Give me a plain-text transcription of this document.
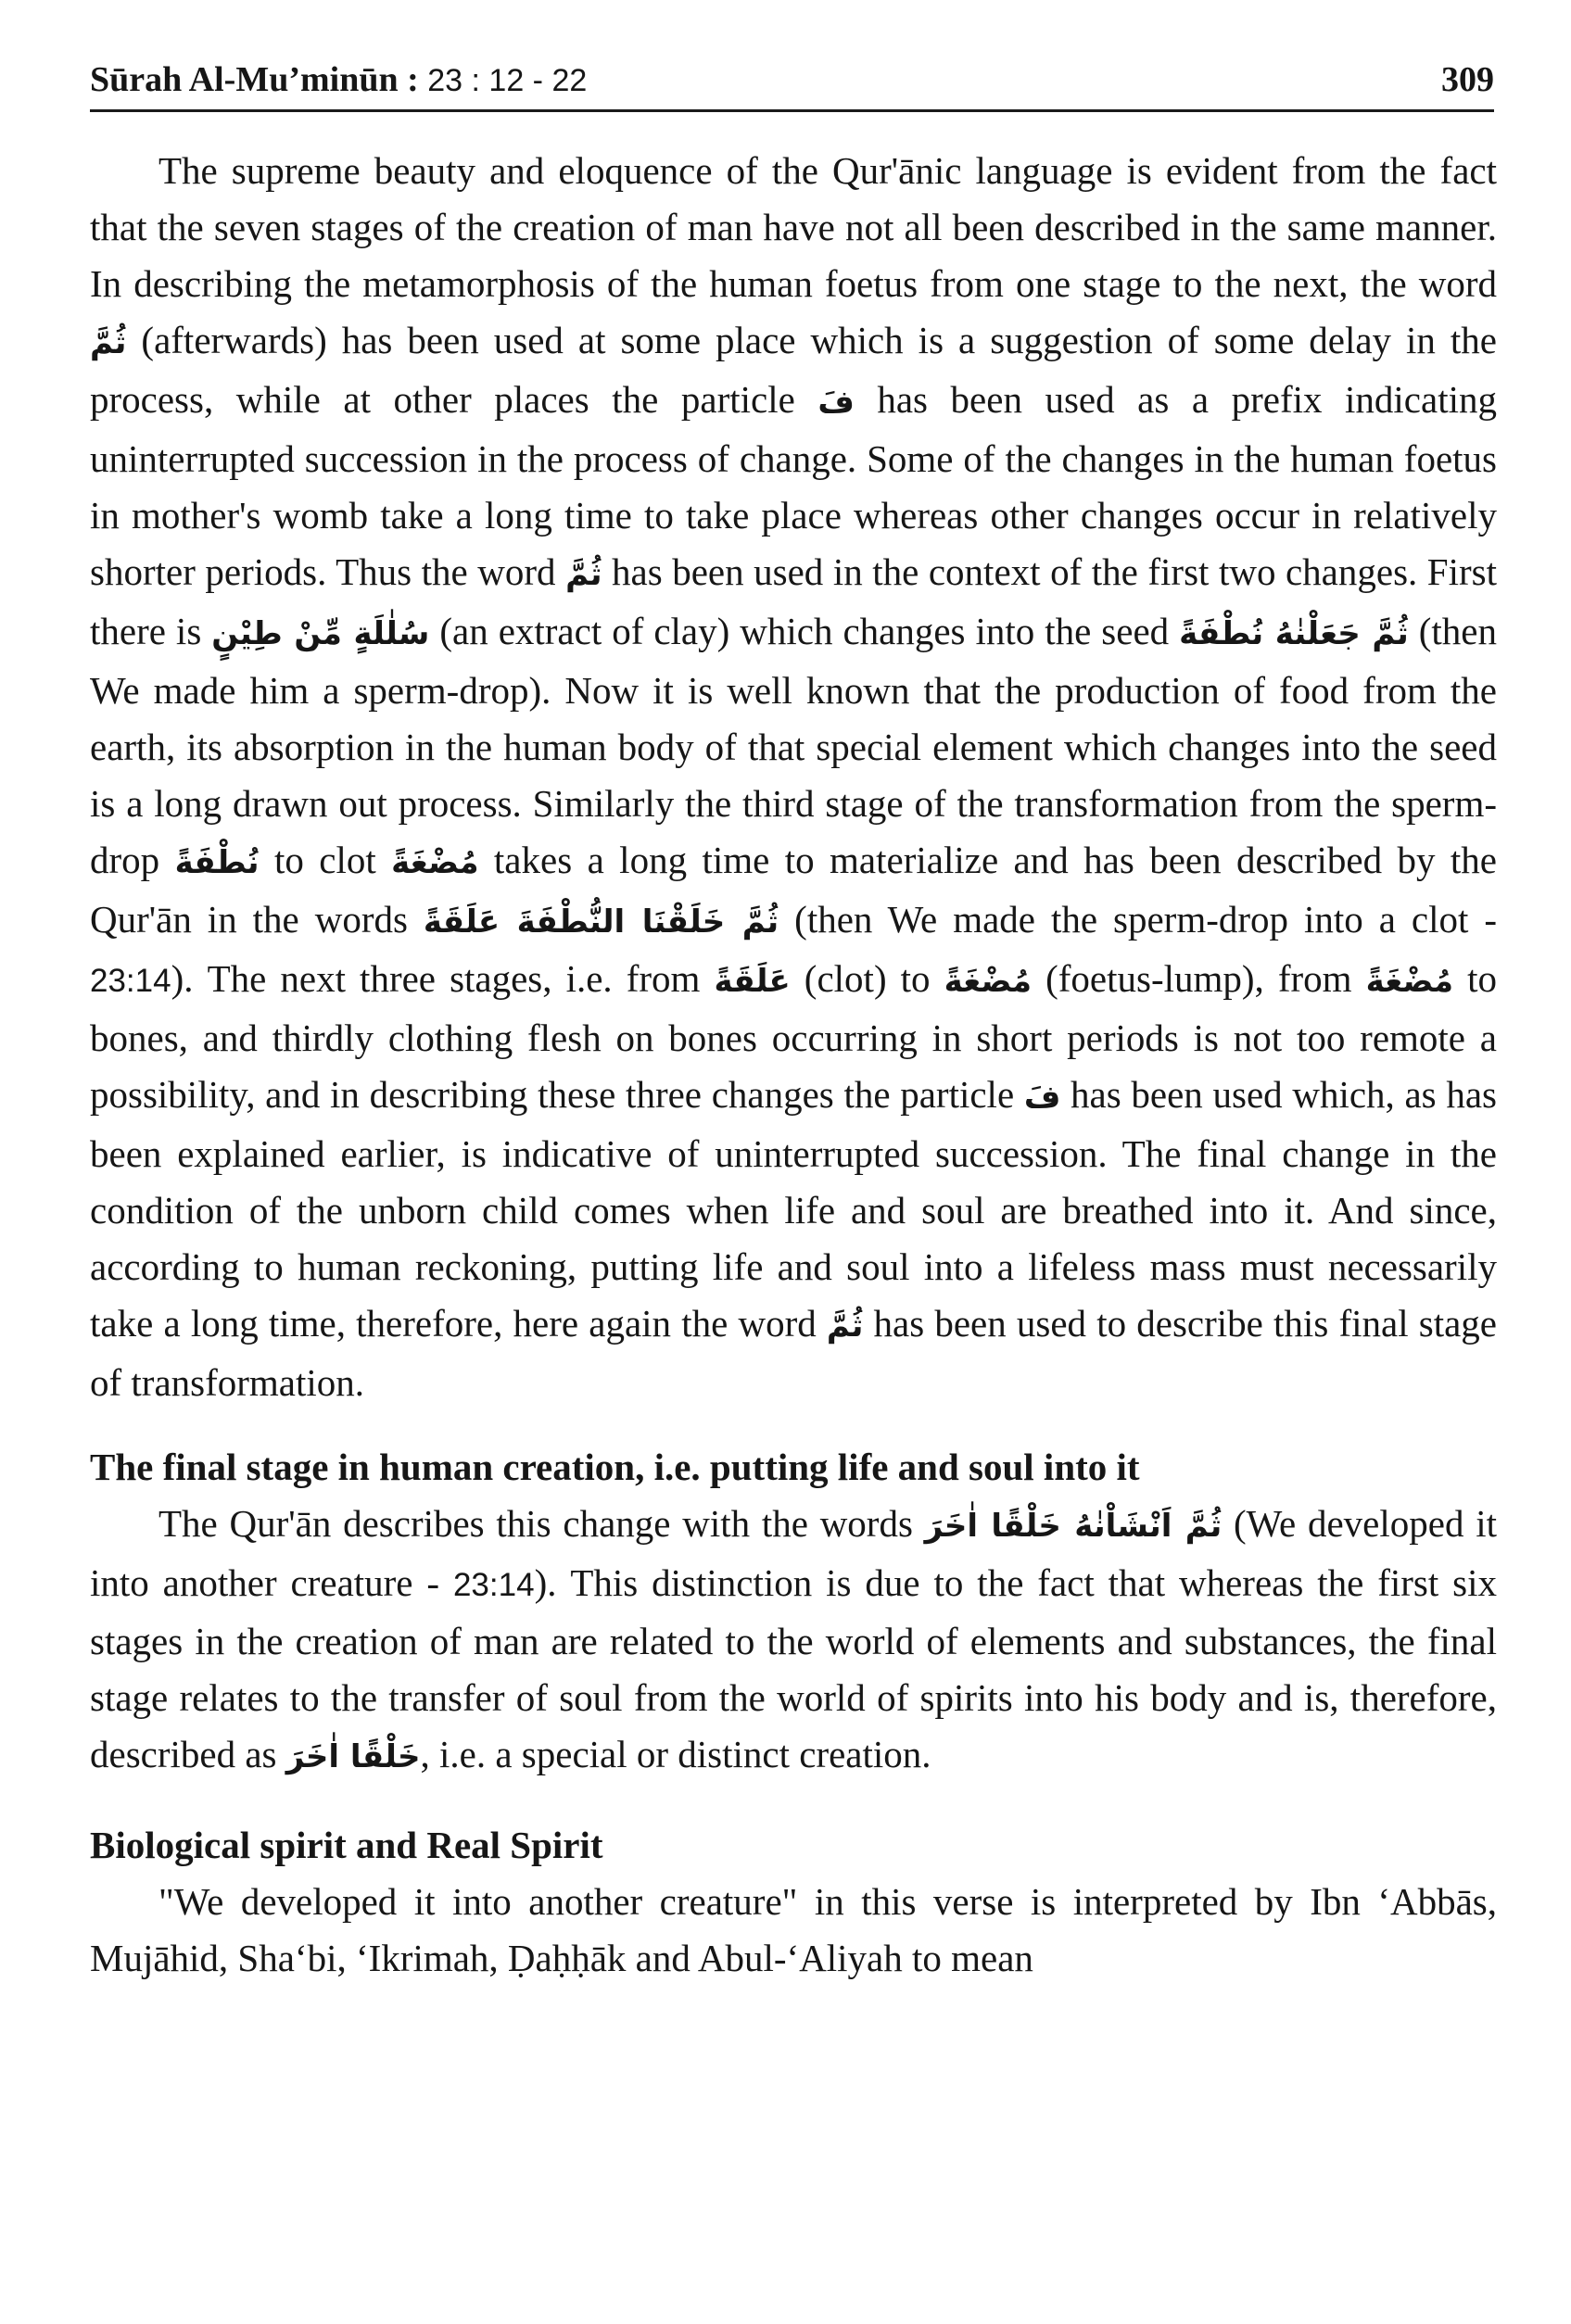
Sūrah Al-Mu’minūn : 23 : 12 - 22	309

The supreme beauty and eloquence of the Qur'ānic language is evident from the fact that the seven stages of the creation of man have not all been described in the same manner. In describing the metamorphosis of the human foetus from one stage to the next, the word ثُمَّ (afterwards) has been used at some place which is a suggestion of some delay in the process, while at other places the particle فَ has been used as a prefix indicating uninterrupted succession in the process of change. Some of the changes in the human foetus in mother's womb take a long time to take place whereas other changes occur in relatively shorter periods. Thus the word ثُمَّ has been used in the context of the first two changes. First there is سُلٰلَةٍ مِّنْ طِيْنٍ (an extract of clay) which changes into the seed ثُمَّ جَعَلْنٰهُ نُطْفَةً (then We made him a sperm-drop). Now it is well known that the production of food from the earth, its absorption in the human body of that special element which changes into the seed is a long drawn out process. Similarly the third stage of the transformation from the sperm-drop نُطْفَةً to clot مُضْغَةً takes a long time to materialize and has been described by the Qur'ān in the words ثُمَّ خَلَقْنَا النُّطْفَةَ عَلَقَةً (then We made the sperm-drop into a clot - 23:14). The next three stages, i.e. from عَلَقَةً (clot) to مُضْغَةً (foetus-lump), from مُضْغَةً to bones, and thirdly clothing flesh on bones occurring in short periods is not too remote a possibility, and in describing these three changes the particle فَ has been used which, as has been explained earlier, is indicative of uninterrupted succession. The final change in the condition of the unborn child comes when life and soul are breathed into it. And since, according to human reckoning, putting life and soul into a lifeless mass must necessarily take a long time, therefore, here again the word ثُمَّ has been used to describe this final stage of transformation.

The final stage in human creation, i.e. putting life and soul into it

The Qur'ān describes this change with the words ثُمَّ اَنْشَاْنٰهُ خَلْقًا اٰخَرَ (We developed it into another creature - 23:14). This distinction is due to the fact that whereas the first six stages in the creation of man are related to the world of elements and substances, the final stage relates to the transfer of soul from the world of spirits into his body and is, therefore, described as خَلْقًا اٰخَرَ, i.e. a special or distinct creation.

Biological spirit and Real Spirit

"We developed it into another creature" in this verse is interpreted by Ibn ‘Abbās, Mujāhid, Sha‘bi, ‘Ikrimah, Ḍaḥḥāk and Abul-‘Aliyah to mean
